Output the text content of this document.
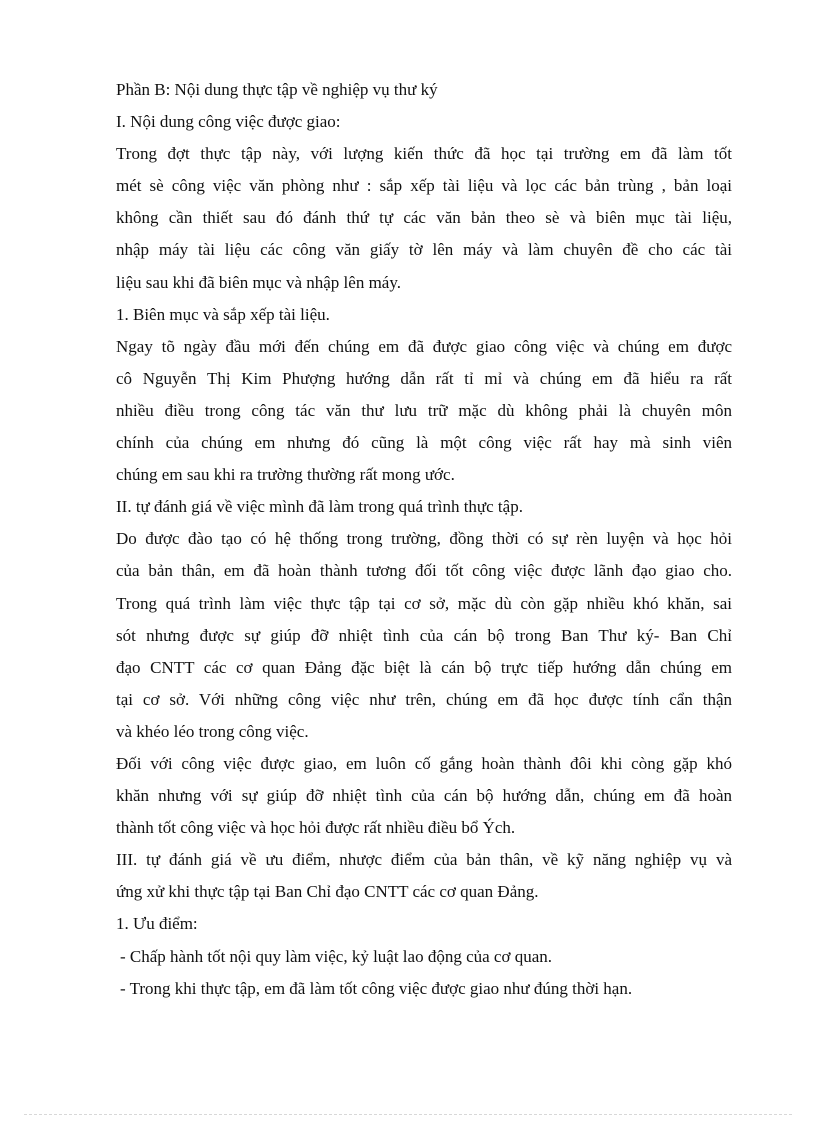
Phần B: Nội dung thực tập về nghiệp vụ thư ký
I. Nội dung công việc được giao:
Trong đợt thực tập này, với lượng kiến thức đã học tại trường em đã làm tốt
mét sè công việc văn phòng như : sắp xếp tài liệu và lọc các bản trùng , bản loại
không cần thiết sau đó đánh thứ tự các văn bản theo sè và biên mục tài liệu,
nhập máy tài liệu các công văn giấy tờ lên máy và làm chuyên đề cho các tài
liệu sau khi đã biên mục và nhập lên máy.
1. Biên mục và sắp xếp tài liệu.
Ngay tõ ngày đầu mới đến chúng em đã được giao công việc và chúng em được
cô Nguyễn Thị Kim Phượng hướng dẫn rất tỉ mỉ và chúng em đã hiểu ra rất
nhiều điều trong công tác văn thư lưu trữ mặc dù không phải là chuyên môn
chính của chúng em nhưng đó cũng là một công việc rất hay mà sinh viên
chúng em sau khi ra trường thường rất mong ước.
II. tự đánh giá về việc mình đã làm trong quá trình thực tập.
Do được đào tạo có hệ thống trong trường, đồng thời có sự rèn luyện và học hỏi
của bản thân, em đã hoàn thành tương đối tốt công việc được lãnh đạo giao cho.
Trong quá trình làm việc thực tập tại cơ sở, mặc dù còn gặp nhiều khó khăn, sai
sót nhưng được sự giúp đỡ nhiệt tình của cán bộ trong Ban Thư ký- Ban Chỉ
đạo CNTT các cơ quan Đảng đặc biệt là cán bộ trực tiếp hướng dẫn chúng em
tại cơ sở. Với những công việc như trên, chúng em đã học được tính cẩn thận
và khéo léo trong công việc.
Đối với công việc được giao, em luôn cố gắng hoàn thành đôi khi còng gặp khó
khăn nhưng với sự giúp đỡ nhiệt tình của cán bộ hướng dẫn, chúng em đã hoàn
thành tốt công việc và học hỏi được rất nhiều điều bổ Ých.
III. tự đánh giá về ưu điểm, nhược điểm của bản thân, về kỹ năng nghiệp vụ và
ứng xử khi thực tập tại Ban Chỉ đạo CNTT các cơ quan Đảng.
1. Ưu điểm:
- Chấp hành tốt nội quy làm việc, kỷ luật lao động của cơ quan.
- Trong khi thực tập, em đã làm tốt công việc được giao như đúng thời hạn.
